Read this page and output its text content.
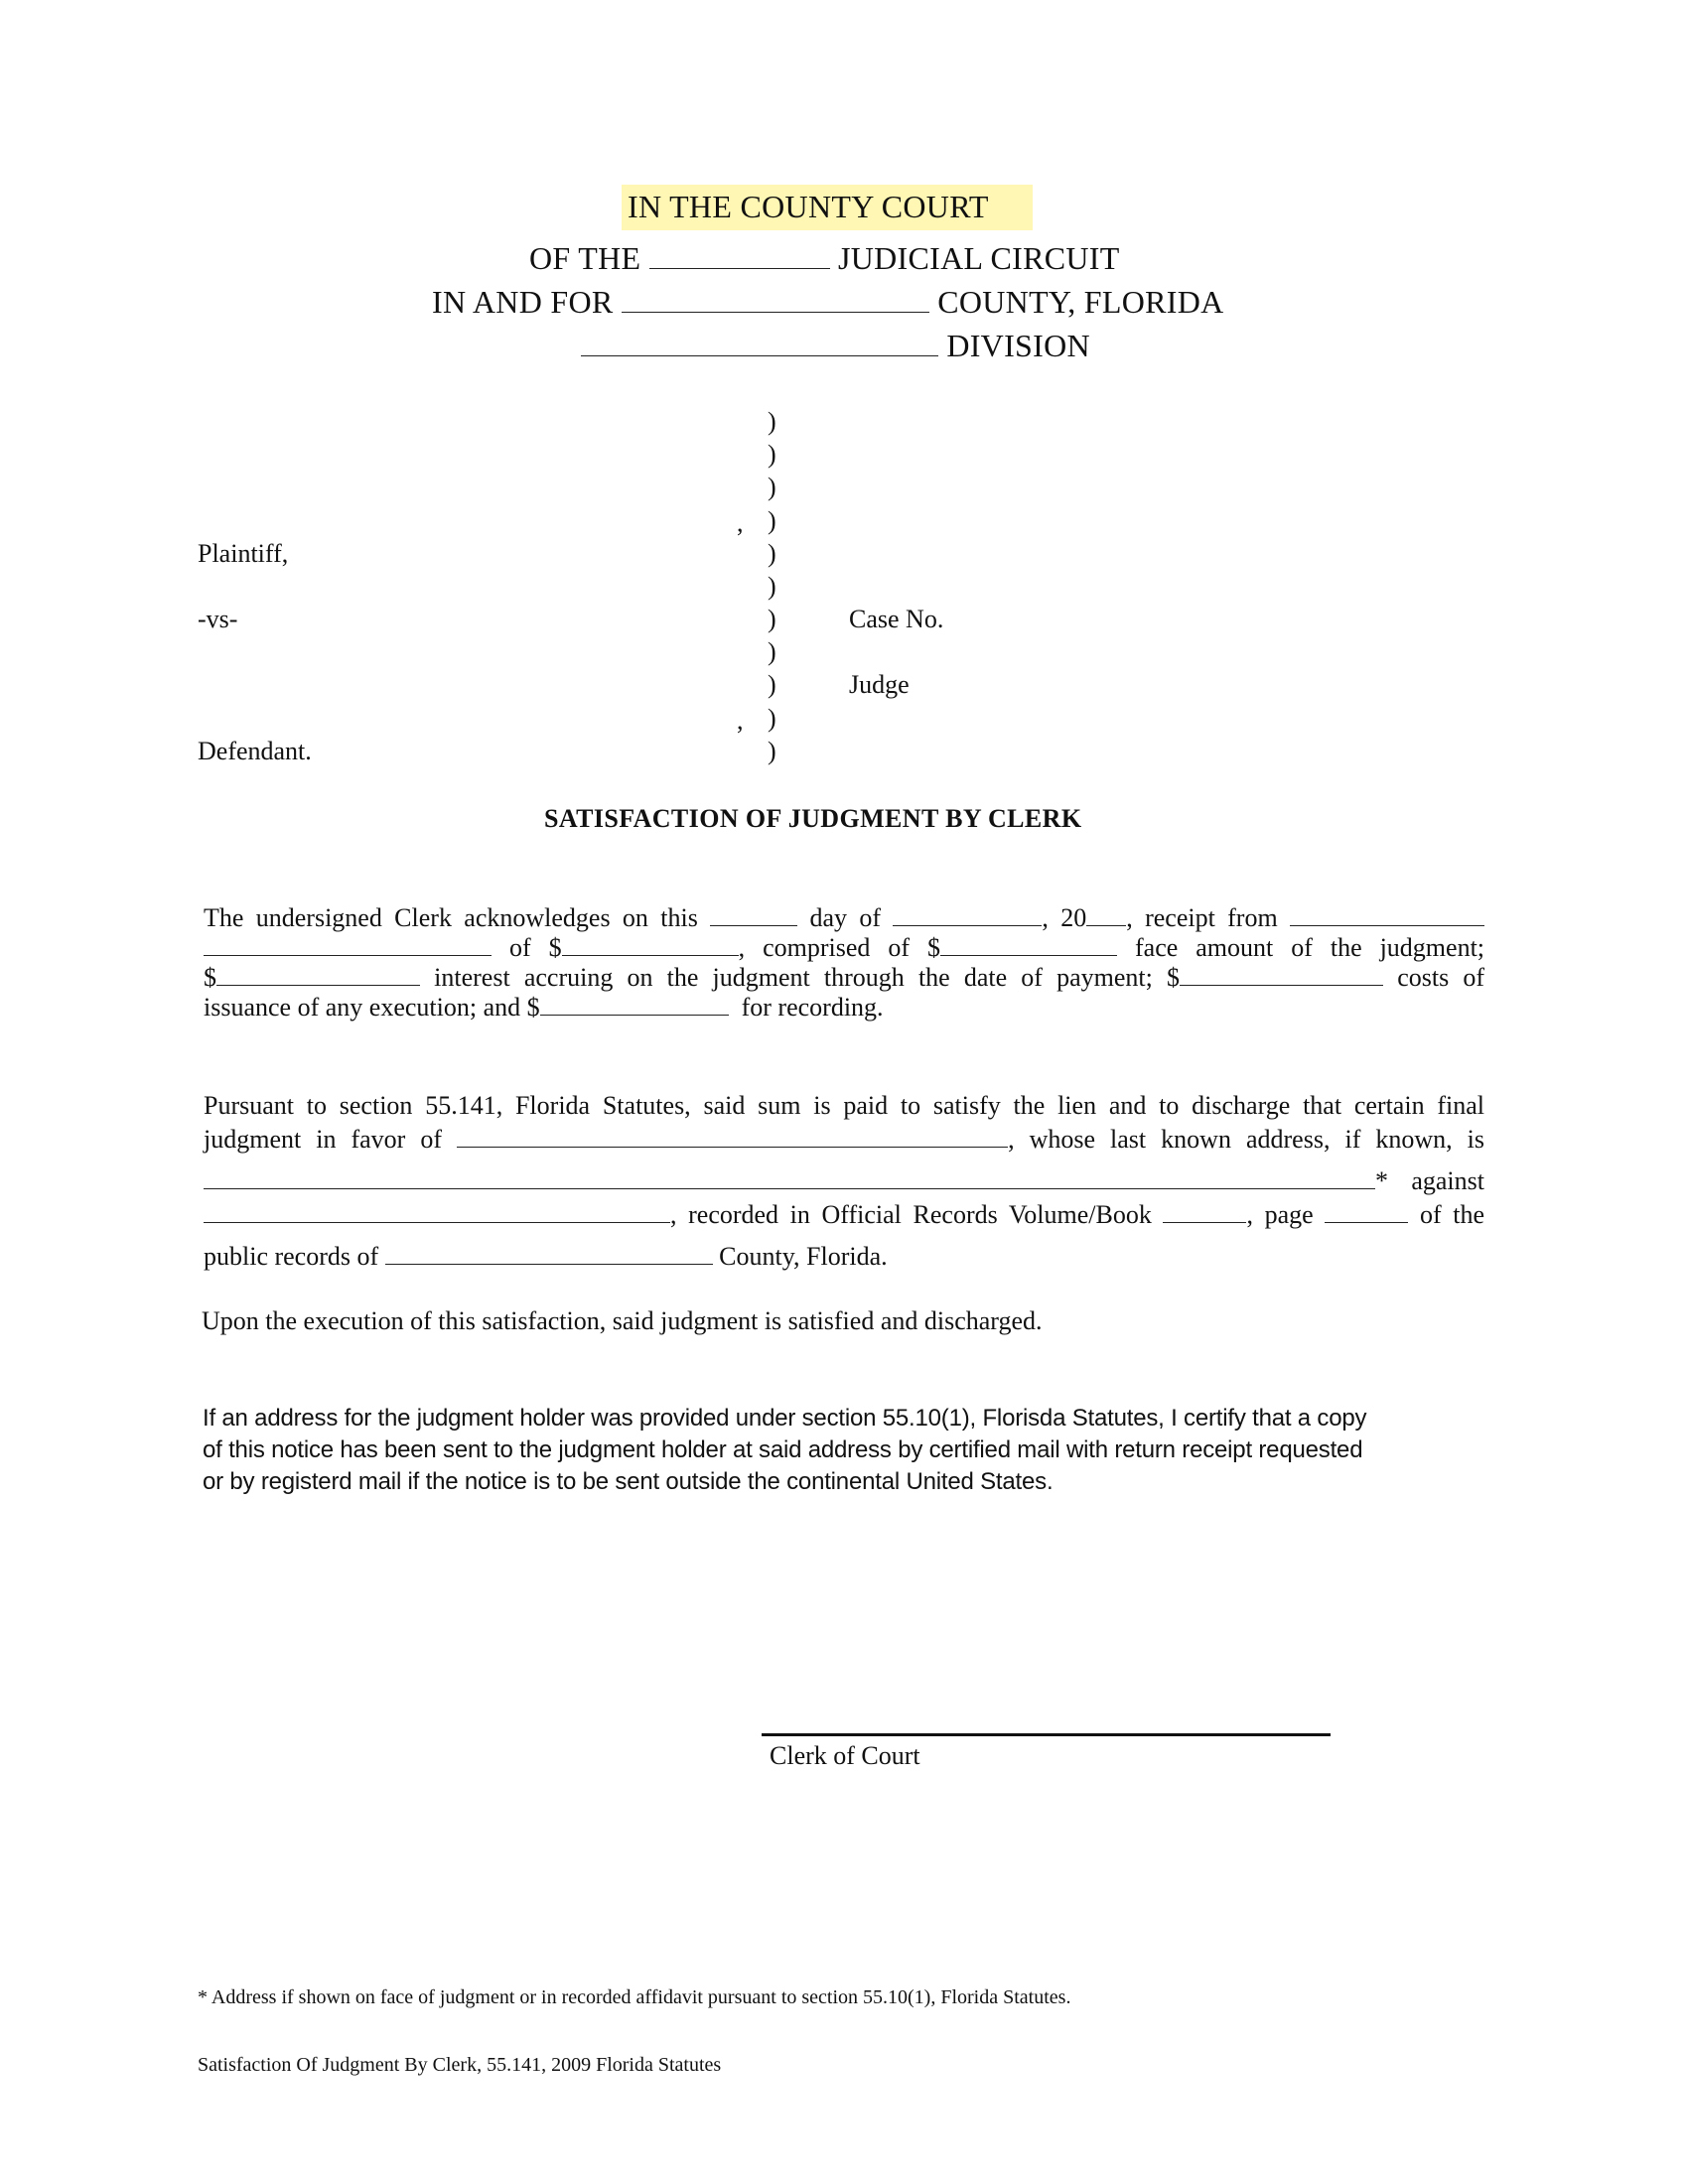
IN THE COUNTY COURT
OF THE	JUDICIAL CIRCUIT
IN AND FOR	COUNTY, FLORIDA
DIVISION
)
)
)
)
)
)
)
)
)
)
)
,
,
Plaintiff,
-vs-
Defendant.
Case No.
Judge
SATISFACTION OF JUDGMENT BY CLERK
The undersigned Clerk acknowledges on this	day of	, 20 , receipt from
of $	, comprised of $	face amount of the judgment;
$	interest accruing on the judgment through the date of payment; $	costs of
issuance of any execution; and $	for recording.
Pursuant to section 55.141, Florida Statutes, said sum is paid to satisfy the lien and to discharge that certain final
judgment in favor of	, whose last known address, if known, is
* against
, recorded in Official Records Volume/Book	, page	of the
public records of	County, Florida.
Upon the execution of this satisfaction, said judgment is satisfied and discharged.
If an address for the judgment holder was provided under section 55.10(1), Florisda Statutes, I certify that a copy
of this notice has been sent to the judgment holder at said address by certified mail with return receipt requested
or by registerd mail if the notice is to be sent outside the continental United States.
Clerk of Court
* Address if shown on face of judgment or in recorded affidavit pursuant to section 55.10(1), Florida Statutes.
Satisfaction Of Judgment By Clerk, 55.141, 2009 Florida Statutes
